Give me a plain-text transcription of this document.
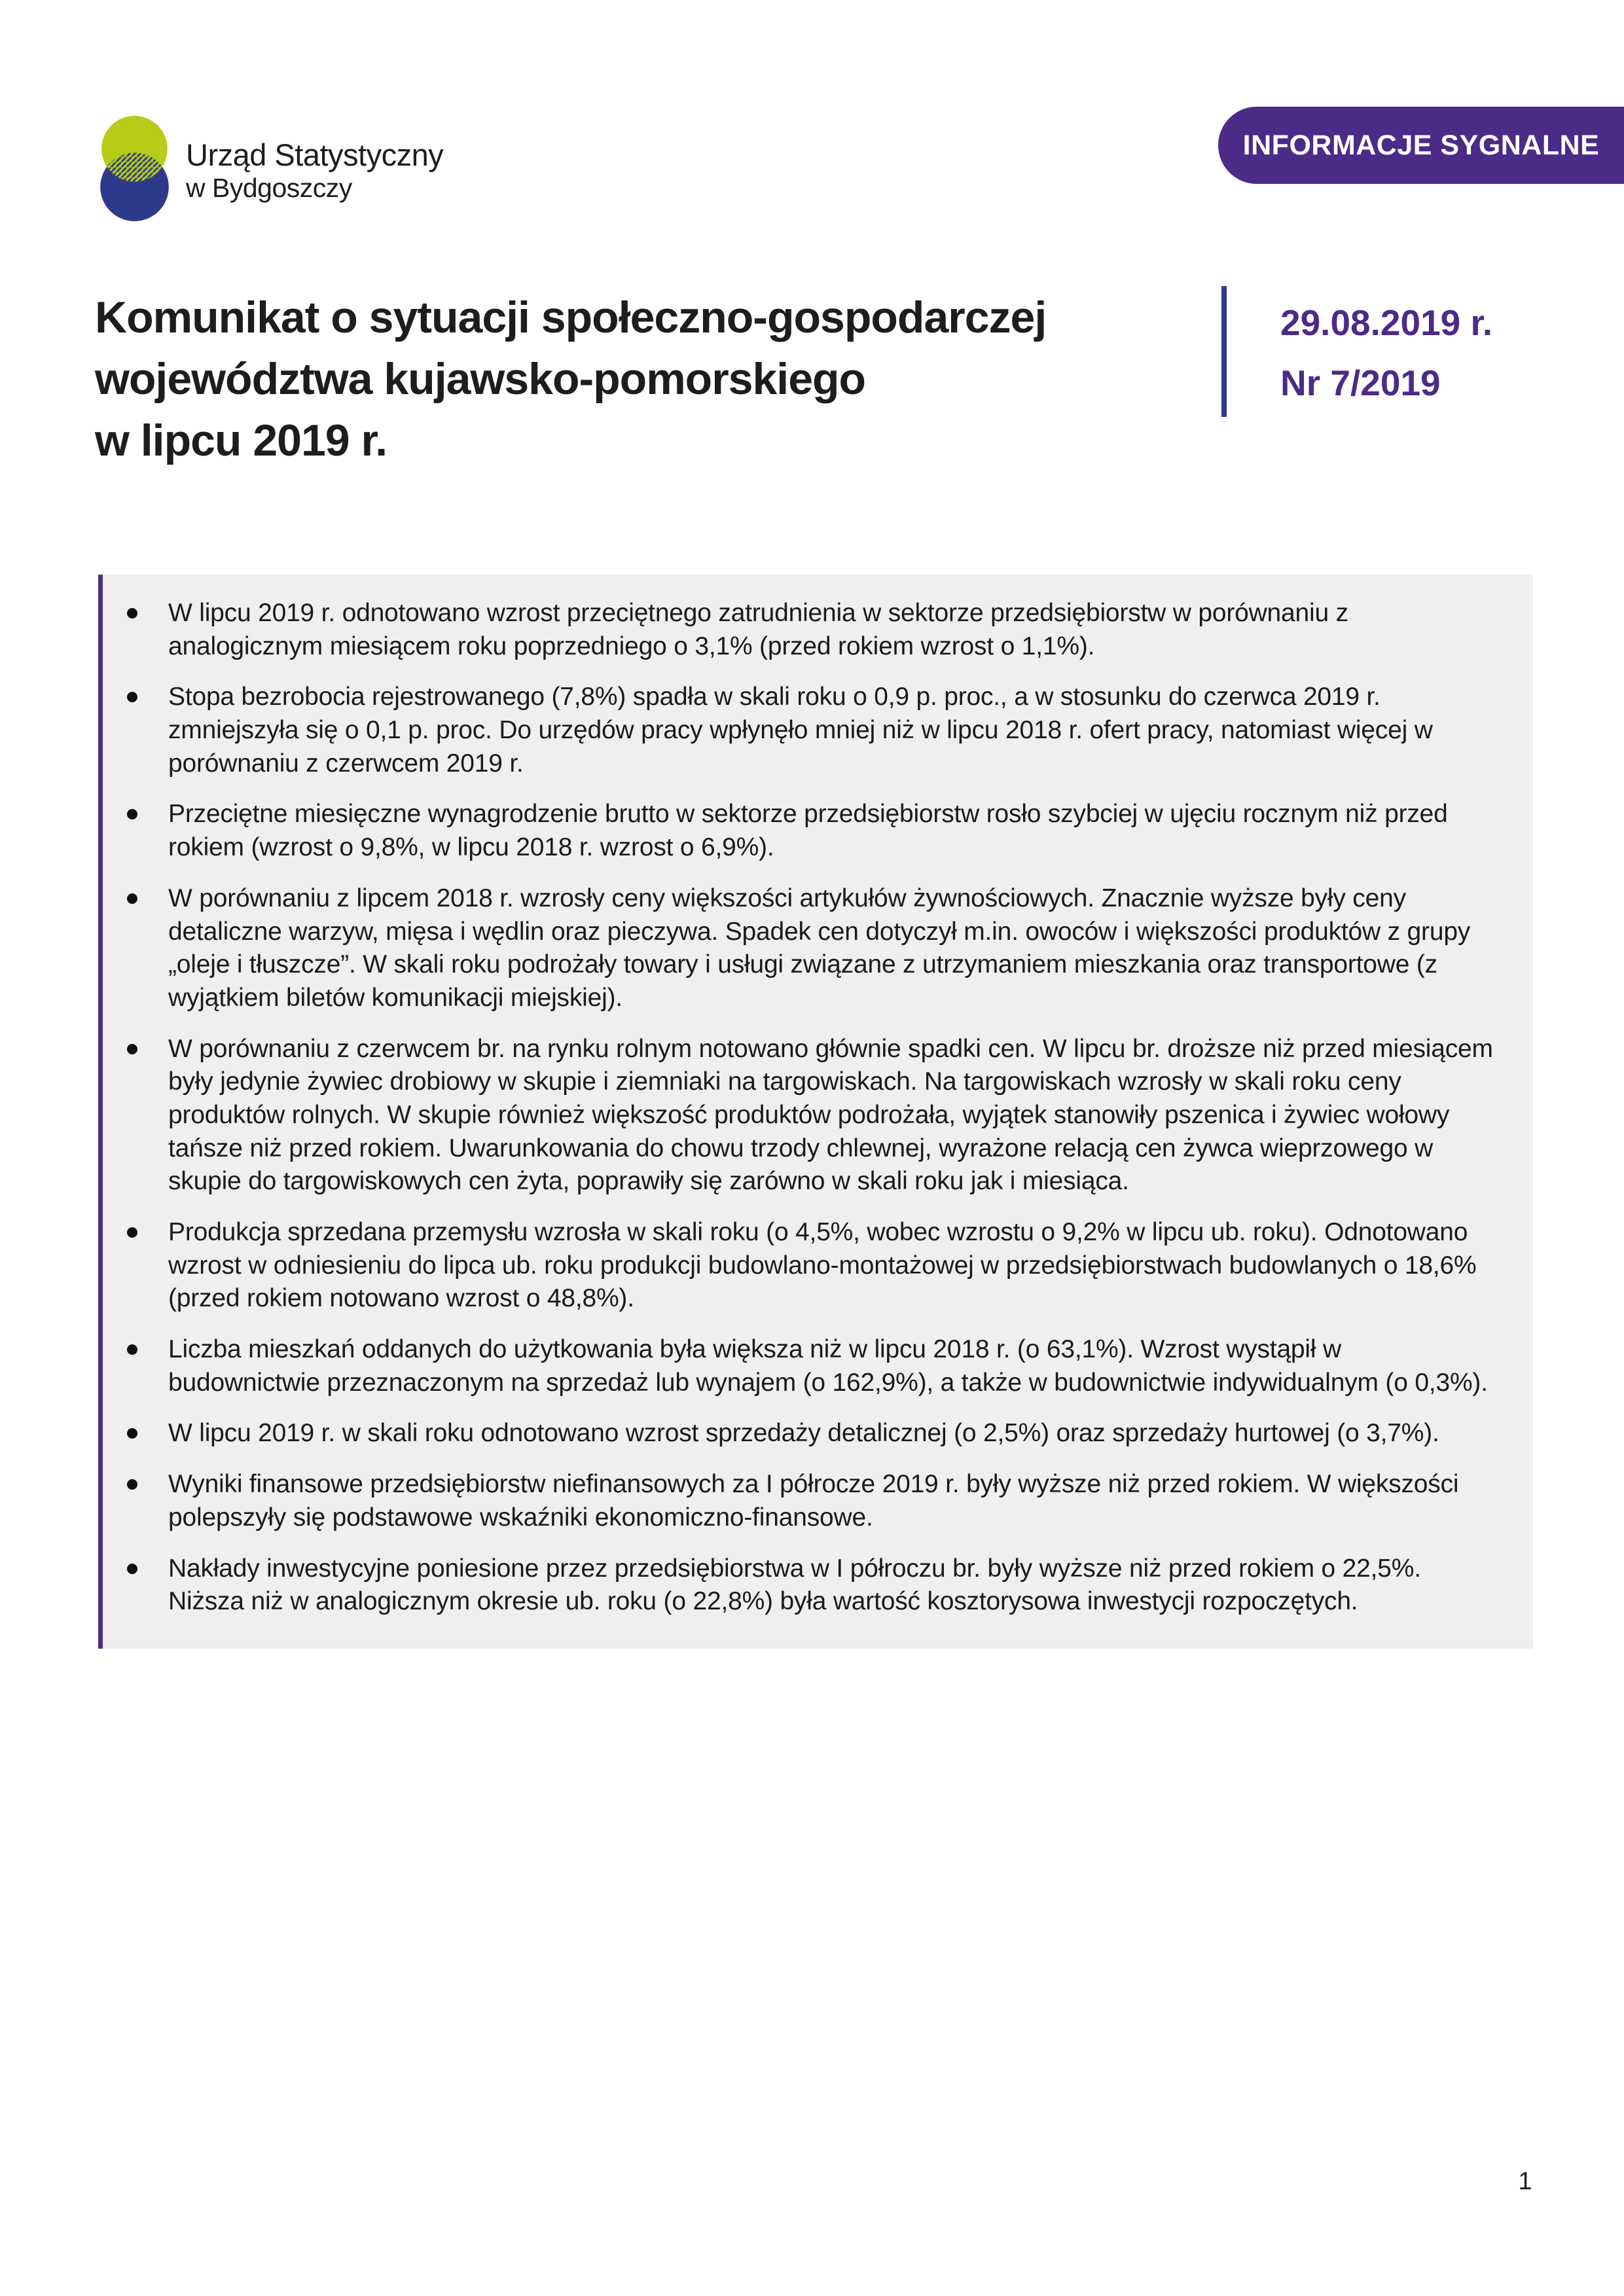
Urząd Statystyczny
w Bydgoszczy
INFORMACJE SYGNALNE
Komunikat o sytuacji społeczno-gospodarczej
województwa kujawsko-pomorskiego
w lipcu 2019 r.
29.08.2019 r.
Nr 7/2019
W lipcu 2019 r. odnotowano wzrost przeciętnego zatrudnienia w sektorze przedsiębiorstw w porównaniu z analogicznym miesiącem roku poprzedniego o 3,1% (przed rokiem wzrost o 1,1%).
Stopa bezrobocia rejestrowanego (7,8%) spadła w skali roku o 0,9 p. proc., a w stosunku do czerwca 2019 r. zmniejszyła się o 0,1 p. proc. Do urzędów pracy wpłynęło mniej niż w lipcu 2018 r. ofert pracy, natomiast więcej w porównaniu z czerwcem 2019 r.
Przeciętne miesięczne wynagrodzenie brutto w sektorze przedsiębiorstw rosło szybciej w ujęciu rocznym niż przed rokiem (wzrost o 9,8%, w lipcu 2018 r. wzrost o 6,9%).
W porównaniu z lipcem 2018 r. wzrosły ceny większości artykułów żywnościowych. Znacznie wyższe były ceny detaliczne warzyw, mięsa i wędlin oraz pieczywa. Spadek cen dotyczył m.in. owoców i większości produktów z grupy „oleje i tłuszcze”. W skali roku podrożały towary i usługi związane z utrzymaniem mieszkania oraz transportowe (z wyjątkiem biletów komunikacji miejskiej).
W porównaniu z czerwcem br. na rynku rolnym notowano głównie spadki cen. W lipcu br. droższe niż przed miesiącem były jedynie żywiec drobiowy w skupie i ziemniaki na targowiskach. Na targowiskach wzrosły w skali roku ceny produktów rolnych. W skupie również większość produktów podrożała, wyjątek stanowiły pszenica i żywiec wołowy tańsze niż przed rokiem. Uwarunkowania do chowu trzody chlewnej, wyrażone relacją cen żywca wieprzowego w skupie do targowiskowych cen żyta, poprawiły się zarówno w skali roku jak i miesiąca.
Produkcja sprzedana przemysłu wzrosła w skali roku (o 4,5%, wobec wzrostu o 9,2% w lipcu ub. roku). Odnotowano wzrost w odniesieniu do lipca ub. roku produkcji budowlano-montażowej w przedsiębiorstwach budowlanych o 18,6% (przed rokiem notowano wzrost o 48,8%).
Liczba mieszkań oddanych do użytkowania była większa niż w lipcu 2018 r. (o 63,1%). Wzrost wystąpił w budownictwie przeznaczonym na sprzedaż lub wynajem (o 162,9%), a także w budownictwie indywidualnym (o 0,3%).
W lipcu 2019 r. w skali roku odnotowano wzrost sprzedaży detalicznej (o 2,5%) oraz sprzedaży hurtowej (o 3,7%).
Wyniki finansowe przedsiębiorstw niefinansowych za I półrocze 2019 r. były wyższe niż przed rokiem. W większości polepszyły się podstawowe wskaźniki ekonomiczno-finansowe.
Nakłady inwestycyjne poniesione przez przedsiębiorstwa w I półroczu br. były wyższe niż przed rokiem o 22,5%. Niższa niż w analogicznym okresie ub. roku (o 22,8%) była wartość kosztorysowa inwestycji rozpoczętych.
1
